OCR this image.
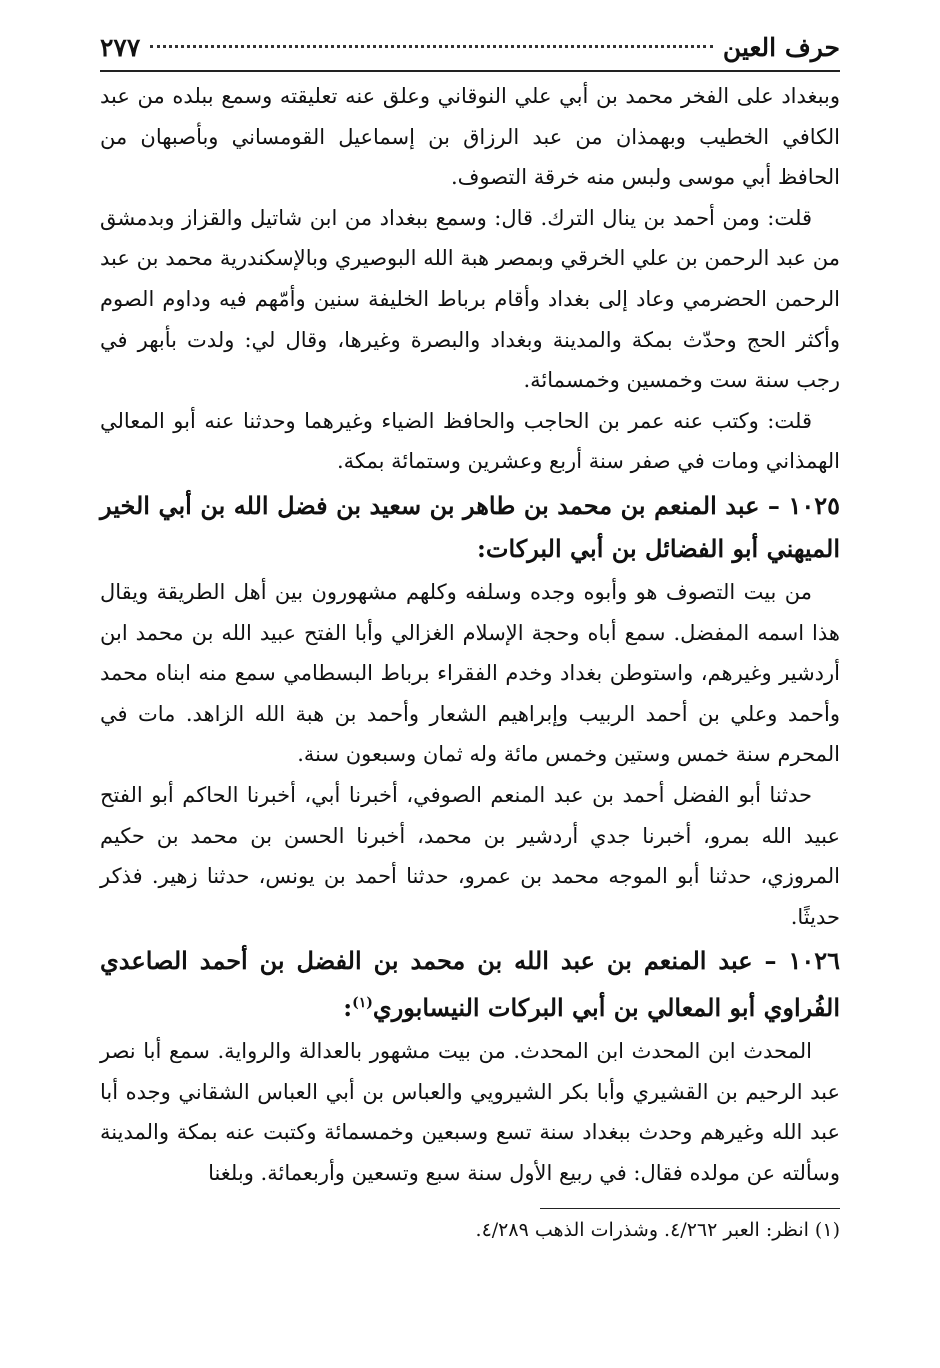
حرف العين
٢٧٧

وببغداد على الفخر محمد بن أبي علي النوقاني وعلق عنه تعليقته وسمع ببلده من عبد الكافي الخطيب وبهمذان من عبد الرزاق بن إسماعيل القومساني وبأصبهان من الحافظ أبي موسى ولبس منه خرقة التصوف.

قلت: ومن أحمد بن ينال الترك. قال: وسمع ببغداد من ابن شاتيل والقزاز وبدمشق من عبد الرحمن بن علي الخرقي وبمصر هبة الله البوصيري وبالإسكندرية محمد بن عبد الرحمن الحضرمي وعاد إلى بغداد وأقام برباط الخليفة سنين وأمّهم فيه وداوم الصوم وأكثر الحج وحدّث بمكة والمدينة وبغداد والبصرة وغيرها، وقال لي: ولدت بأبهر في رجب سنة ست وخمسين وخمسمائة.

قلت: وكتب عنه عمر بن الحاجب والحافظ الضياء وغيرهما وحدثنا عنه أبو المعالي الهمذاني ومات في صفر سنة أربع وعشرين وستمائة بمكة.

١٠٢٥ – عبد المنعم بن محمد بن طاهر بن سعيد بن فضل الله بن أبي الخير الميهني أبو الفضائل بن أبي البركات:

من بيت التصوف هو وأبوه وجده وسلفه وكلهم مشهورون بين أهل الطريقة ويقال هذا اسمه المفضل. سمع أباه وحجة الإسلام الغزالي وأبا الفتح عبيد الله بن محمد ابن أردشير وغيرهم، واستوطن بغداد وخدم الفقراء برباط البسطامي سمع منه ابناه محمد وأحمد وعلي بن أحمد الربيب وإبراهيم الشعار وأحمد بن هبة الله الزاهد. مات في المحرم سنة خمس وستين وخمس مائة وله ثمان وسبعون سنة.

حدثنا أبو الفضل أحمد بن عبد المنعم الصوفي، أخبرنا أبي، أخبرنا الحاكم أبو الفتح عبيد الله بمرو، أخبرنا جدي أردشير بن محمد، أخبرنا الحسن بن محمد بن حكيم المروزي، حدثنا أبو الموجه محمد بن عمرو، حدثنا أحمد بن يونس، حدثنا زهير. فذكر حديثًا.

١٠٢٦ – عبد المنعم بن عبد الله بن محمد بن الفضل بن أحمد الصاعدي الفُراوي أبو المعالي بن أبي البركات النيسابوري$^{(١)}$:

المحدث ابن المحدث ابن المحدث. من بيت مشهور بالعدالة والرواية. سمع أبا نصر عبد الرحيم بن القشيري وأبا بكر الشيرويي والعباس بن أبي العباس الشقاني وجده أبا عبد الله وغيرهم وحدث ببغداد سنة تسع وسبعين وخمسمائة وكتبت عنه بمكة والمدينة وسألته عن مولده فقال: في ربيع الأول سنة سبع وتسعين وأربعمائة. وبلغنا

(١) انظر: العبر ٤/٢٦٢. وشذرات الذهب ٤/٢٨٩.
